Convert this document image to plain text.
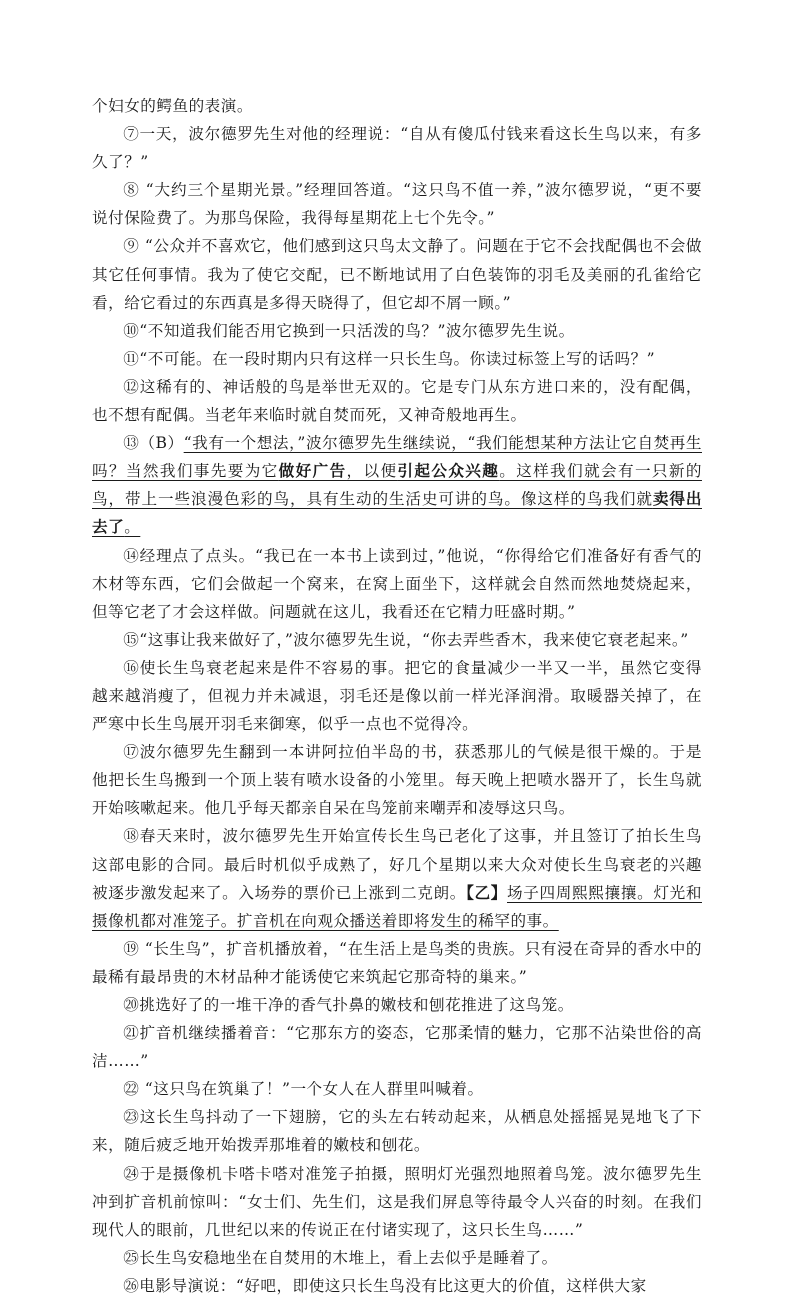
个妇女的鳄鱼的表演。

⑦一天，波尔德罗先生对他的经理说：“自从有傻瓜付钱来看这长生鸟以来，有多久了？”

⑧ “大约三个星期光景。”经理回答道。“这只鸟不值一养，”波尔德罗说，“更不要说付保险费了。为那鸟保险，我得每星期花上七个先令。”

⑨ “公众并不喜欢它，他们感到这只鸟太文静了。问题在于它不会找配偶也不会做其它任何事情。我为了使它交配，已不断地试用了白色装饰的羽毛及美丽的孔雀给它看，给它看过的东西真是多得天晓得了，但它却不屑一顾。”

⑩“不知道我们能否用它换到一只活泼的鸟？”波尔德罗先生说。

⑪“不可能。在一段时期内只有这样一只长生鸟。你读过标签上写的话吗？”

⑫这稀有的、神话般的鸟是举世无双的。它是专门从东方进口来的，没有配偶，也不想有配偶。当老年来临时就自焚而死，又神奇般地再生。

⑬（B）“我有一个想法，”波尔德罗先生继续说，“我们能想某种方法让它自焚再生吗？当然我们事先要为它做好广告，以便引起公众兴趣。这样我们就会有一只新的鸟，带上一些浪漫色彩的鸟，具有生动的生活史可讲的鸟。像这样的鸟我们就卖得出去了。

⑭经理点了点头。“我已在一本书上读到过，”他说，“你得给它们准备好有香气的木材等东西，它们会做起一个窝来，在窝上面坐下，这样就会自然而然地焚烧起来，但等它老了才会这样做。问题就在这儿，我看还在它精力旺盛时期。”

⑮“这事让我来做好了，”波尔德罗先生说，“你去弄些香木，我来使它衰老起来。”

⑯使长生鸟衰老起来是件不容易的事。把它的食量减少一半又一半，虽然它变得越来越消瘦了，但视力并未减退，羽毛还是像以前一样光泽润滑。取暖器关掉了，在严寒中长生鸟展开羽毛来御寒，似乎一点也不觉得冷。

⑰波尔德罗先生翻到一本讲阿拉伯半岛的书，获悉那儿的气候是很干燥的。于是他把长生鸟搬到一个顶上装有喷水设备的小笼里。每天晚上把喷水器开了，长生鸟就开始咳嗽起来。他几乎每天都亲自呆在鸟笼前来嘲弄和凌辱这只鸟。

⑱春天来时，波尔德罗先生开始宣传长生鸟已老化了这事，并且签订了拍长生鸟这部电影的合同。最后时机似乎成熟了，好几个星期以来大众对使长生鸟衰老的兴趣被逐步激发起来了。入场券的票价已上涨到二克朗。【乙】场子四周熙熙攘攘。灯光和摄像机都对准笼子。扩音机在向观众播送着即将发生的稀罕的事。

⑲ “长生鸟”，扩音机播放着，“在生活上是鸟类的贵族。只有浸在奇异的香水中的最稀有最昂贵的木材品种才能诱使它来筑起它那奇特的巢来。”

⑳挑选好了的一堆干净的香气扑鼻的嫩枝和刨花推进了这鸟笼。

㉑扩音机继续播着音：“它那东方的姿态，它那柔情的魅力，它那不沾染世俗的高洁……”

㉒ “这只鸟在筑巢了！”一个女人在人群里叫喊着。

㉓这长生鸟抖动了一下翅膀，它的头左右转动起来，从栖息处摇摇晃晃地飞了下来，随后疲乏地开始拨弄那堆着的嫩枝和刨花。

㉔于是摄像机卡嗒卡嗒对准笼子拍摄，照明灯光强烈地照着鸟笼。波尔德罗先生冲到扩音机前惊叫：“女士们、先生们，这是我们屏息等待最令人兴奋的时刻。在我们现代人的眼前，几世纪以来的传说正在付诸实现了，这只长生鸟……”

㉕长生鸟安稳地坐在自焚用的木堆上，看上去似乎是睡着了。

㉖电影导演说：“好吧，即使这只长生鸟没有比这更大的价值，这样供大家
